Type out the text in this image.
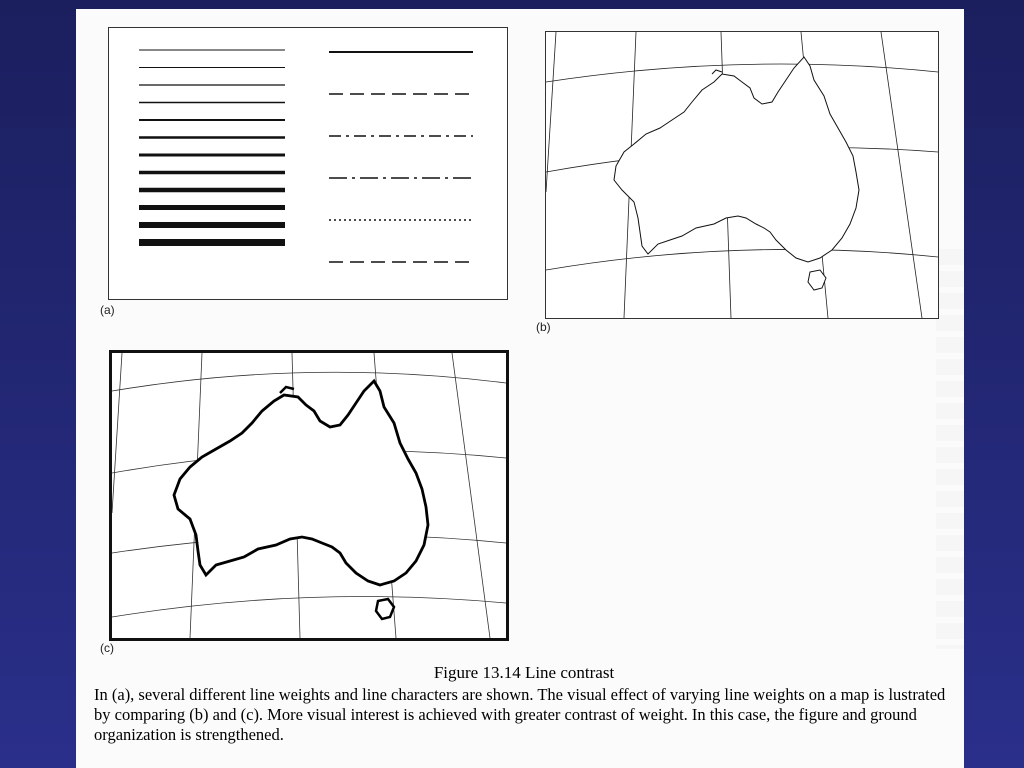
(a)
(b)
(c)
Figure 13.14 Line contrast
In (a), several different line weights and line characters are shown. The visual effect of varying line weights on a map is lustrated by comparing (b) and (c). More visual interest is achieved with greater contrast of weight. In this case, the figure and ground organization is strengthened.
